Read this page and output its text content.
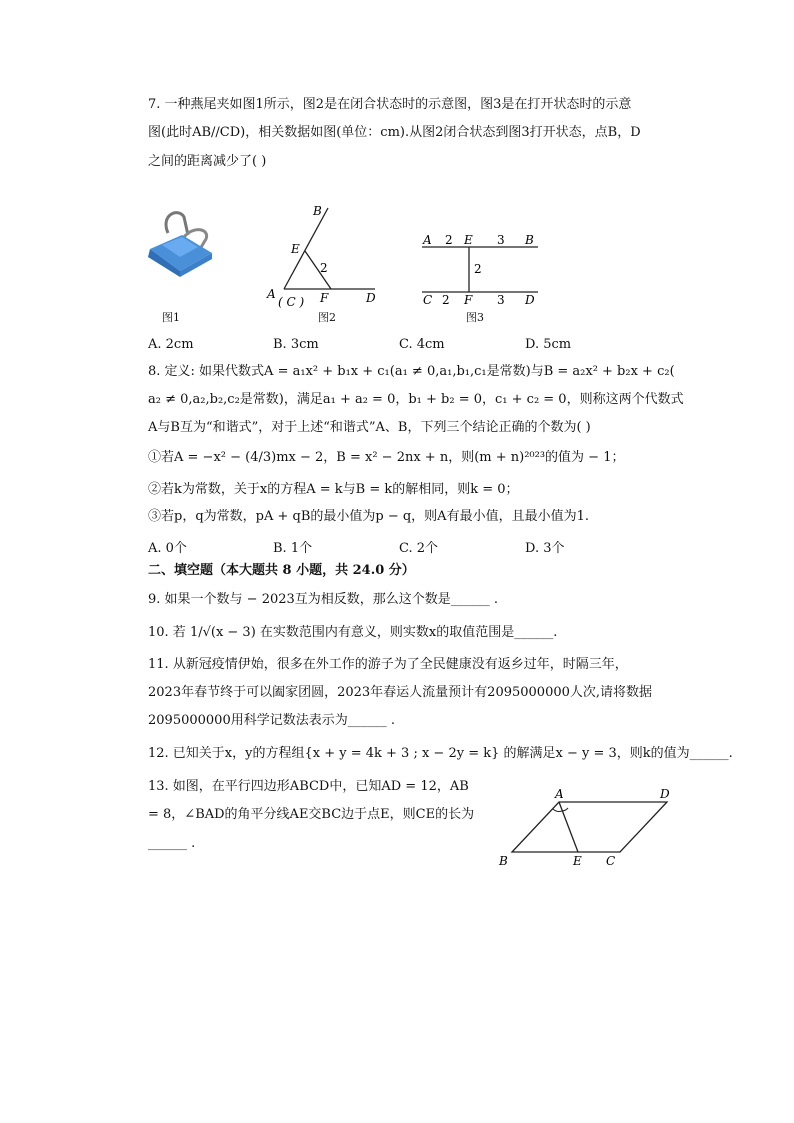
7. 一种燕尾夹如图1所示，图2是在闭合状态时的示意图，图3是在打开状态时的示意
图(此时AB//CD)，相关数据如图(单位：cm).从图2闭合状态到图3打开状态，点B，D
之间的距离减少了( )
图1
B
E
2
A
( C ) F	D
图2
A 2 E 3 B
2
C 2 F 3 D
图3
A. 2cm	B. 3cm	C. 4cm	D. 5cm
8. 定义: 如果代数式A = a₁x² + b₁x + c₁(a₁ ≠ 0,a₁,b₁,c₁是常数)与B = a₂x² + b₂x + c₂(
a₂ ≠ 0,a₂,b₂,c₂是常数)，满足a₁ + a₂ = 0，b₁ + b₂ = 0，c₁ + c₂ = 0，则称这两个代数式
A与B互为“和谐式”，对于上述“和谐式”A、B，下列三个结论正确的个数为( )
①若A = −x² − (4/3)mx − 2，B = x² − 2nx + n，则(m + n)²⁰²³的值为 − 1；
②若k为常数，关于x的方程A = k与B = k的解相同，则k = 0；
③若p，q为常数，pA + qB的最小值为p − q，则A有最小值，且最小值为1.
A. 0个	B. 1个	C. 2个	D. 3个
二、填空题（本大题共 8 小题，共 24.0 分）
9. 如果一个数与 − 2023互为相反数，那么这个数是______ .
10. 若 1/√(x − 3) 在实数范围内有意义，则实数x的取值范围是______.
11. 从新冠疫情伊始，很多在外工作的游子为了全民健康没有返乡过年，时隔三年，
2023年春节终于可以阖家团圆，2023年春运人流量预计有2095000000人次,请将数据
2095000000用科学记数法表示为______ .
12. 已知关于x，y的方程组{x + y = 4k + 3 ; x − 2y = k} 的解满足x − y = 3，则k的值为______.
13. 如图，在平行四边形ABCD中，已知AD = 12，AB
= 8，∠BAD的角平分线AE交BC边于点E，则CE的长为
______ .
A	D
B	E C
